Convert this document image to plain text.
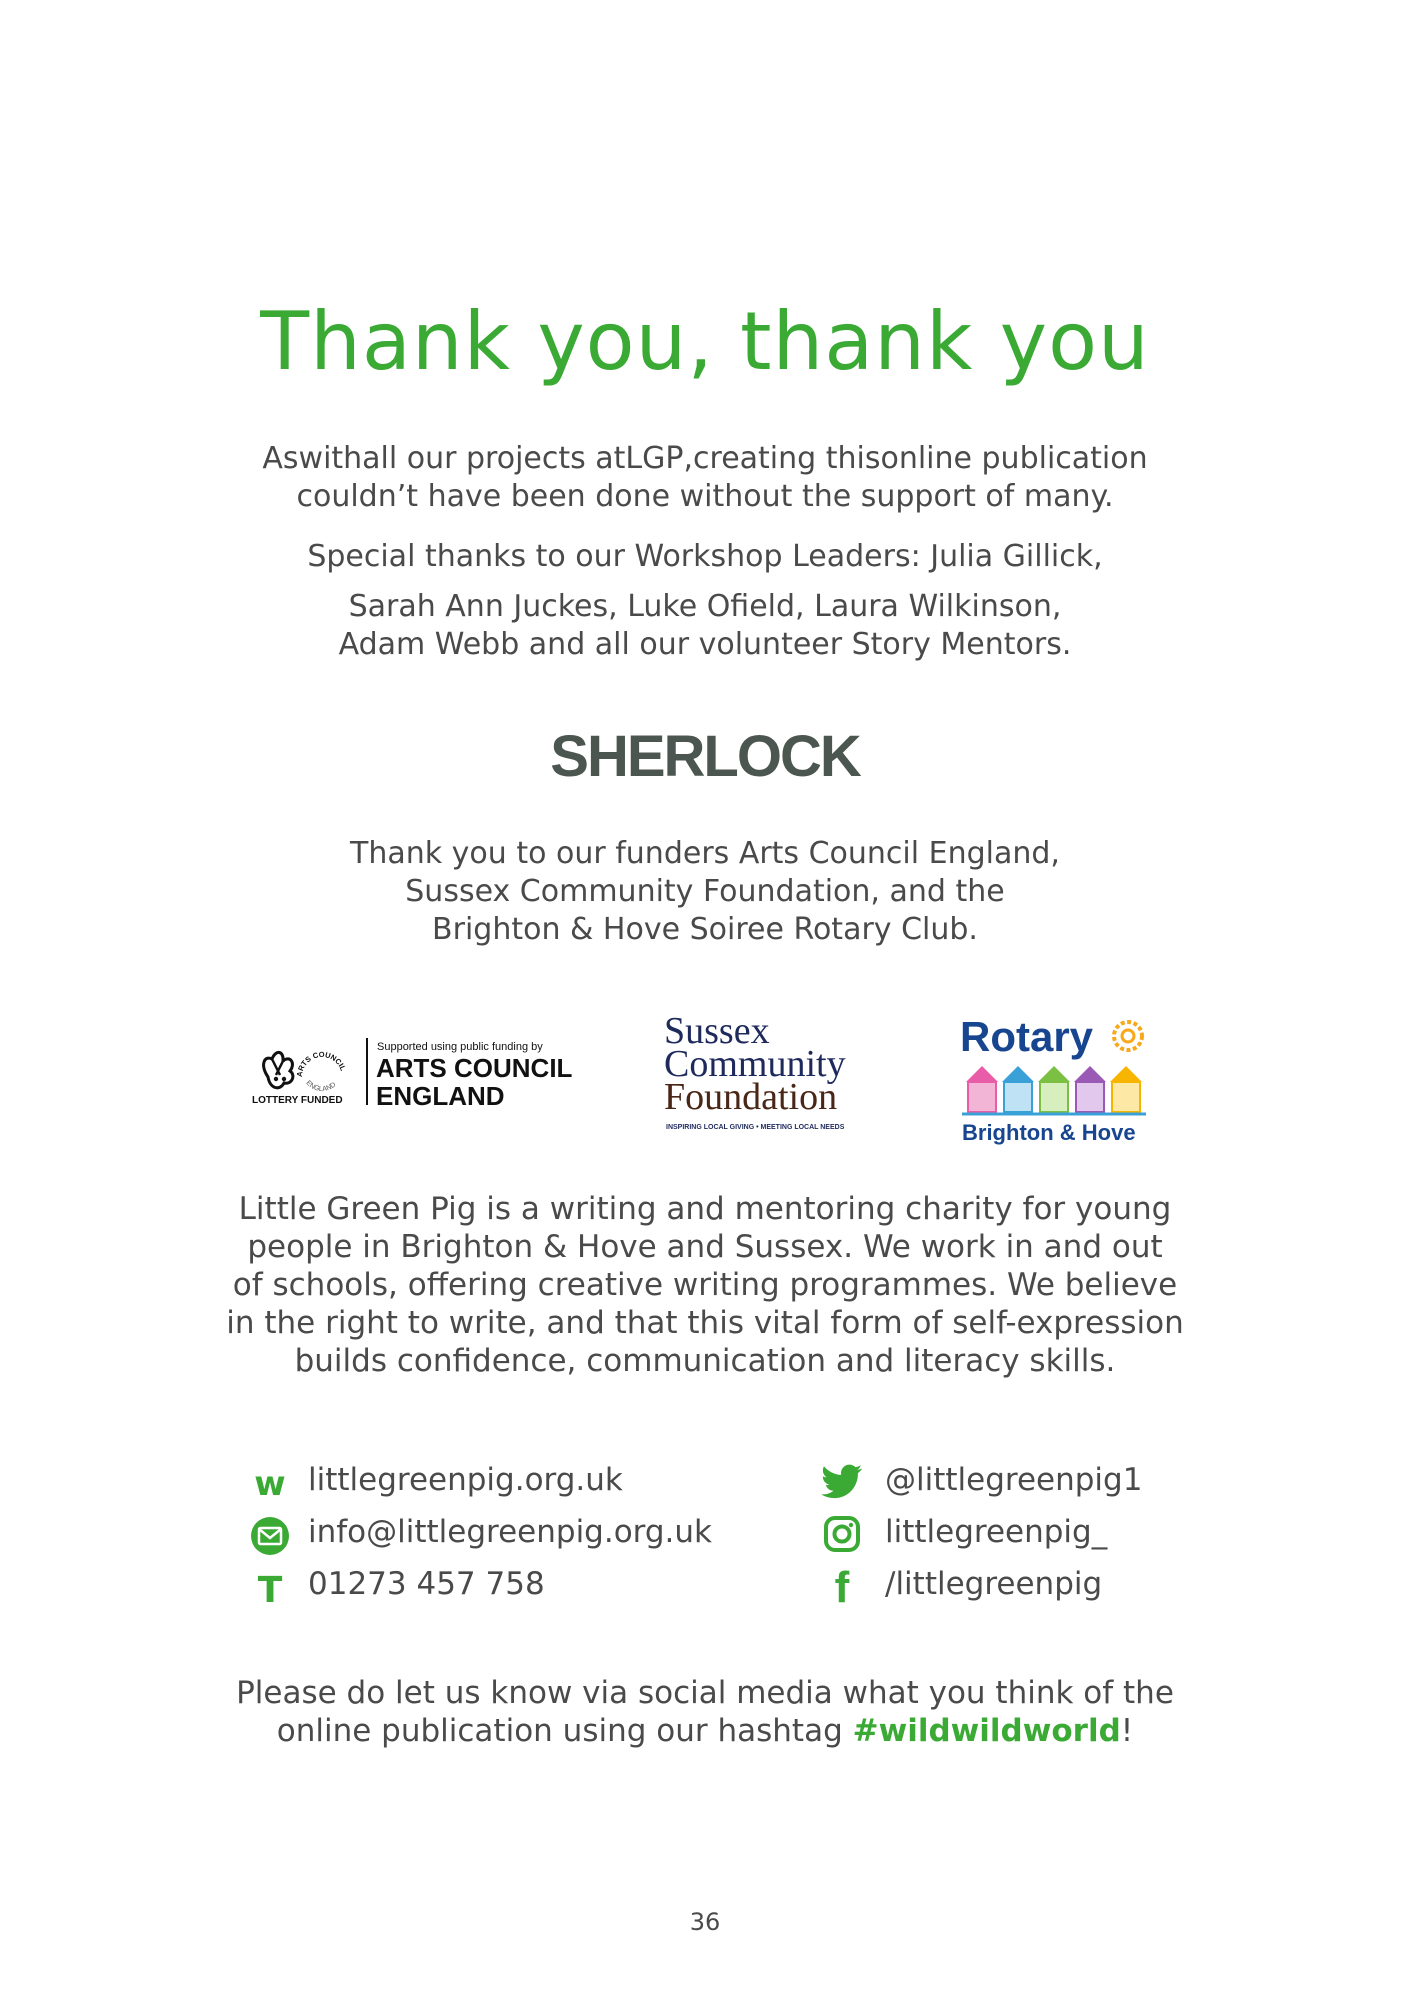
Thank you, thank you

Aswithall our projects atLGP,creating thisonline publication

couldn’t have been done without the support of many.

Special thanks to our Workshop Leaders: Julia Gillick,

Sarah Ann Juckes, Luke Ofield, Laura Wilkinson,

Adam Webb and all our volunteer Story Mentors.

SHERLOCK

Thank you to our funders Arts Council England,

Sussex Community Foundation, and the

Brighton & Hove Soiree Rotary Club.

ARTS COUNCIL
ENGLAND
Supported using public funding by
ARTS COUNCIL
ENGLAND
LOTTERY FUNDED
Sussex
Community
Foundation
INSPIRING LOCAL GIVING • MEETING LOCAL NEEDS
Rotary
Brighton & Hove

Little Green Pig is a writing and mentoring charity for young

people in Brighton & Hove and Sussex. We work in and out

of schools, offering creative writing programmes. We believe

in the right to write, and that this vital form of self-expression

builds confidence, communication and literacy skills.

w littlegreenpig.org.uk
info@littlegreenpig.org.uk
T 01273 457 758
@littlegreenpig1
littlegreenpig_
f /littlegreenpig

Please do let us know via social media what you think of the

online publication using our hashtag #wildwildworld!

36
